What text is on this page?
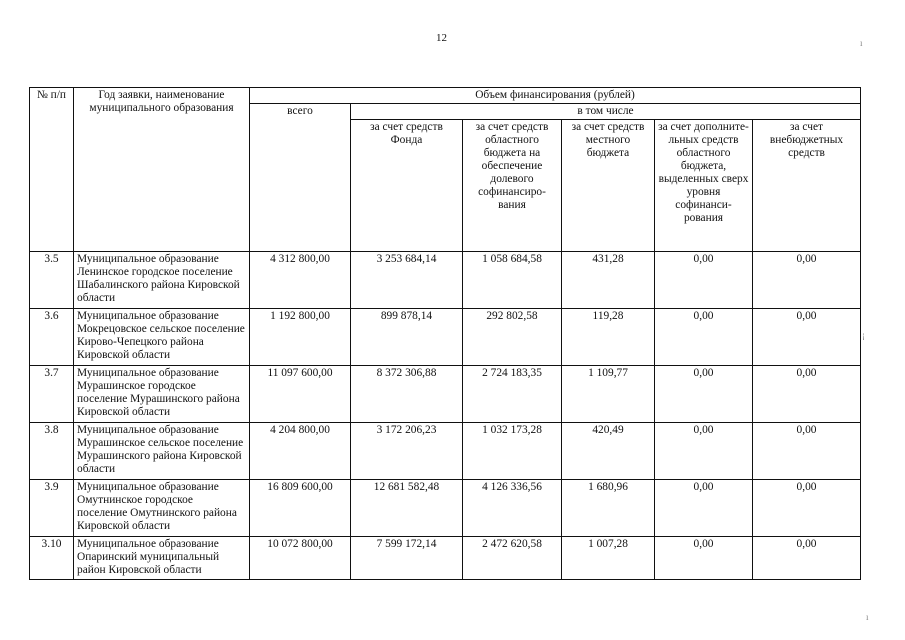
12	ı
¡
ı
№ п/п	Год заявки, наименование муниципального образования	Объем финансирования (рублей)					
		всего	в том числе				
			за счет средств Фонда	за счет средств областного бюджета на обеспечение долевого софинансиро-вания	за счет средств местного бюджета	за счет дополните-льных средств областного бюджета, выделенных сверх уровня софинанси-рования	за счет внебюджетных средств
3.5	Муниципальное образование Ленинское городское поселение Шабалинского района Кировской области	4 312 800,00	3 253 684,14	1 058 684,58	431,28	0,00	0,00
3.6	Муниципальное образование Мокрецовское сельское поселение Кирово-Чепецкого района Кировской области	1 192 800,00	899 878,14	292 802,58	119,28	0,00	0,00
3.7	Муниципальное образование Мурашинское городское поселение Мурашинского района Кировской области	11 097 600,00	8 372 306,88	2 724 183,35	1 109,77	0,00	0,00
3.8	Муниципальное образование Мурашинское сельское поселение Мурашинского района Кировской области	4 204 800,00	3 172 206,23	1 032 173,28	420,49	0,00	0,00
3.9	Муниципальное образование Омутнинское городское поселение Омутнинского района Кировской области	16 809 600,00	12 681 582,48	4 126 336,56	1 680,96	0,00	0,00
3.10	Муниципальное образование Опаринский муниципальный район Кировской области	10 072 800,00	7 599 172,14	2 472 620,58	1 007,28	0,00	0,00
